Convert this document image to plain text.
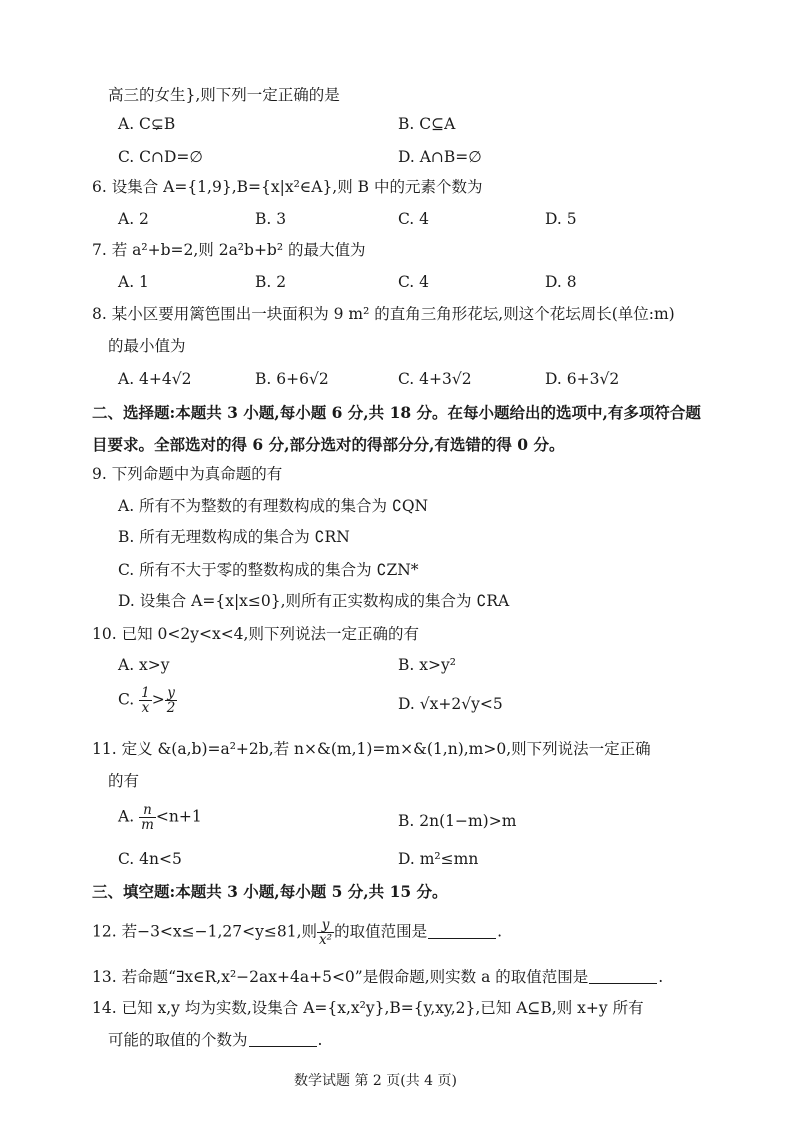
高三的女生},则下列一定正确的是
A. C⊊B	B. C⊆A
C. C∩D=∅	D. A∩B=∅
6. 设集合 A={1,9},B={x|x²∈A},则 B 中的元素个数为
A. 2	B. 3	C. 4	D. 5
7. 若 a²+b=2,则 2a²b+b² 的最大值为
A. 1	B. 2	C. 4	D. 8
8. 某小区要用篱笆围出一块面积为 9 m² 的直角三角形花坛,则这个花坛周长(单位:m)
的最小值为
A. 4+4√2	B. 6+6√2	C. 4+3√2	D. 6+3√2
二、选择题:本题共 3 小题,每小题 6 分,共 18 分。在每小题给出的选项中,有多项符合题
目要求。全部选对的得 6 分,部分选对的得部分分,有选错的得 0 分。
9. 下列命题中为真命题的有
A. 所有不为整数的有理数构成的集合为 ∁QN
B. 所有无理数构成的集合为 ∁RN
C. 所有不大于零的整数构成的集合为 ∁ZN*
D. 设集合 A={x|x≤0},则所有正实数构成的集合为 ∁RA
10. 已知 0<2y<x<4,则下列说法一定正确的有
A. x>y	B. x>y²
C. $\frac{1}{x} > \frac{y}{2}$	D. √x+2√y<5
11. 定义 &(a,b)=a²+2b,若 n×&(m,1)=m×&(1,n),m>0,则下列说法一定正确
的有
A. $\frac{n}{m} <n+1$	B. 2n(1−m)>m
C. 4n<5	D. m²≤mn
三、填空题:本题共 3 小题,每小题 5 分,共 15 分。
12. 若−3<x≤−1,27<y≤81,则 $\frac{y}{\text{x²}}$ 的取值范围是	.
13. 若命题“∃x∈R,x²−2ax+4a+5<0”是假命题,则实数 a 的取值范围是	.
14. 已知 x,y 均为实数,设集合 A={x,x²y},B={y,xy,2},已知 A⊆B,则 x+y 所有
可能的取值的个数为	.
数学试题 第 2 页(共 4 页)
